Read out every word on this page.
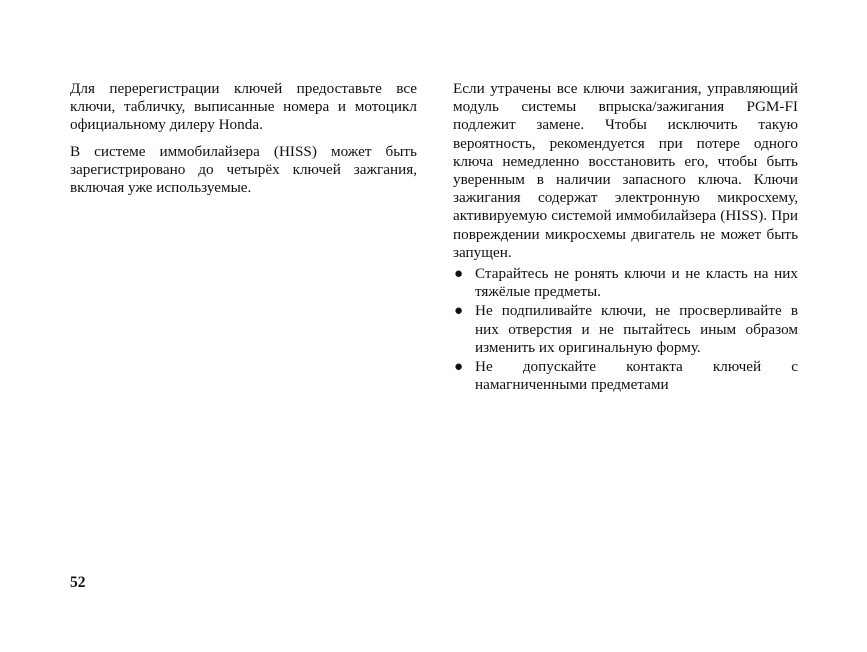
Для перерегистрации ключей предоставьте все ключи, табличку, выписанные номера и мотоцикл официальному дилеру Honda.

В системе иммобилайзера (HISS) может быть зарегистрировано до четырёх ключей зажгания, включая уже используемые.

Если утрачены все ключи зажигания, управляющий модуль системы впрыска/зажигания PGM-FI подлежит замене. Чтобы исключить такую вероятность, рекомендуется при потере одного ключа немедленно восстановить его, чтобы быть уверенным в наличии запасного ключа. Ключи зажигания содержат электронную микросхему, активируемую системой иммобилайзера (HISS). При повреждении микросхемы двигатель не может быть запущен.

● Старайтесь не ронять ключи и не класть на них тяжёлые предметы.
● Не подпиливайте ключи, не просверливайте в них отверстия и не пытайтесь иным образом изменить их оригинальную форму.
● Не допускайте контакта ключей с намагниченными предметами
52
